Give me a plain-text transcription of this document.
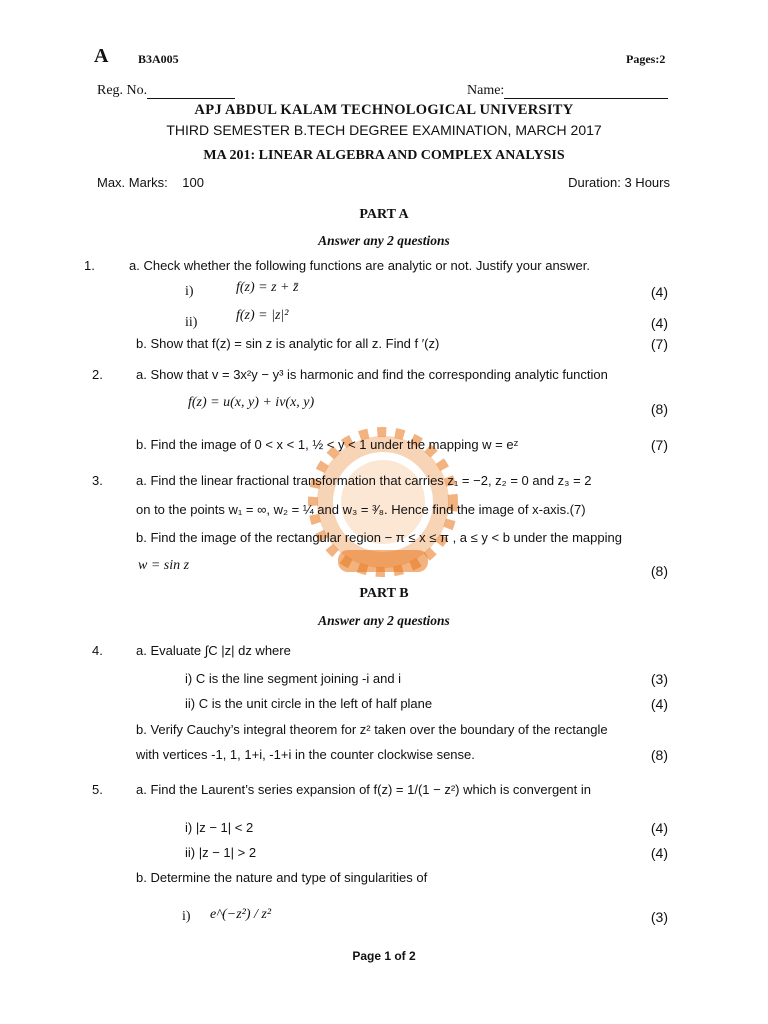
A B3A005	Pages:2
Reg. No.	Name:
APJ ABDUL KALAM TECHNOLOGICAL UNIVERSITY
THIRD SEMESTER B.TECH DEGREE EXAMINATION, MARCH 2017
MA 201: LINEAR ALGEBRA AND COMPLEX ANALYSIS
Max. Marks: 100	Duration: 3 Hours
PART A
Answer any 2 questions
1.	a. Check whether the following functions are analytic or not. Justify your answer.
i)	f(z) = z + z̄	(4)
ii)	f(z) = |z|²	(4)
b. Show that f(z) = sin z is analytic for all z. Find f ′(z)	(7)
2.	a. Show that v = 3x²y − y³ is harmonic and find the corresponding analytic function
f(z) = u(x, y) + iv(x, y)	(8)
b. Find the image of 0 < x < 1, ½ < y < 1 under the mapping w = eᶻ	(7)
3.	a. Find the linear fractional transformation that carries z₁ = −2, z₂ = 0 and z₃ = 2
on to the points w₁ = ∞, w₂ = ¼ and w₃ = ³⁄₈. Hence find the image of x-axis.(7)
b. Find the image of the rectangular region − π ≤ x ≤ π , a ≤ y < b under the mapping
w = sin z	(8)
PART B
Answer any 2 questions
4.	a. Evaluate ∫C |z| dz where
i) C is the line segment joining -i and i	(3)
ii) C is the unit circle in the left of half plane	(4)
b. Verify Cauchy’s integral theorem for z² taken over the boundary of the rectangle
with vertices -1, 1, 1+i, -1+i in the counter clockwise sense.	(8)
5.	a. Find the Laurent’s series expansion of f(z) = 1/(1 − z²) which is convergent in
i) |z − 1| < 2	(4)
ii) |z − 1| > 2	(4)
b. Determine the nature and type of singularities of
i) e^(−z²) / z²	(3)
Page 1 of 2
